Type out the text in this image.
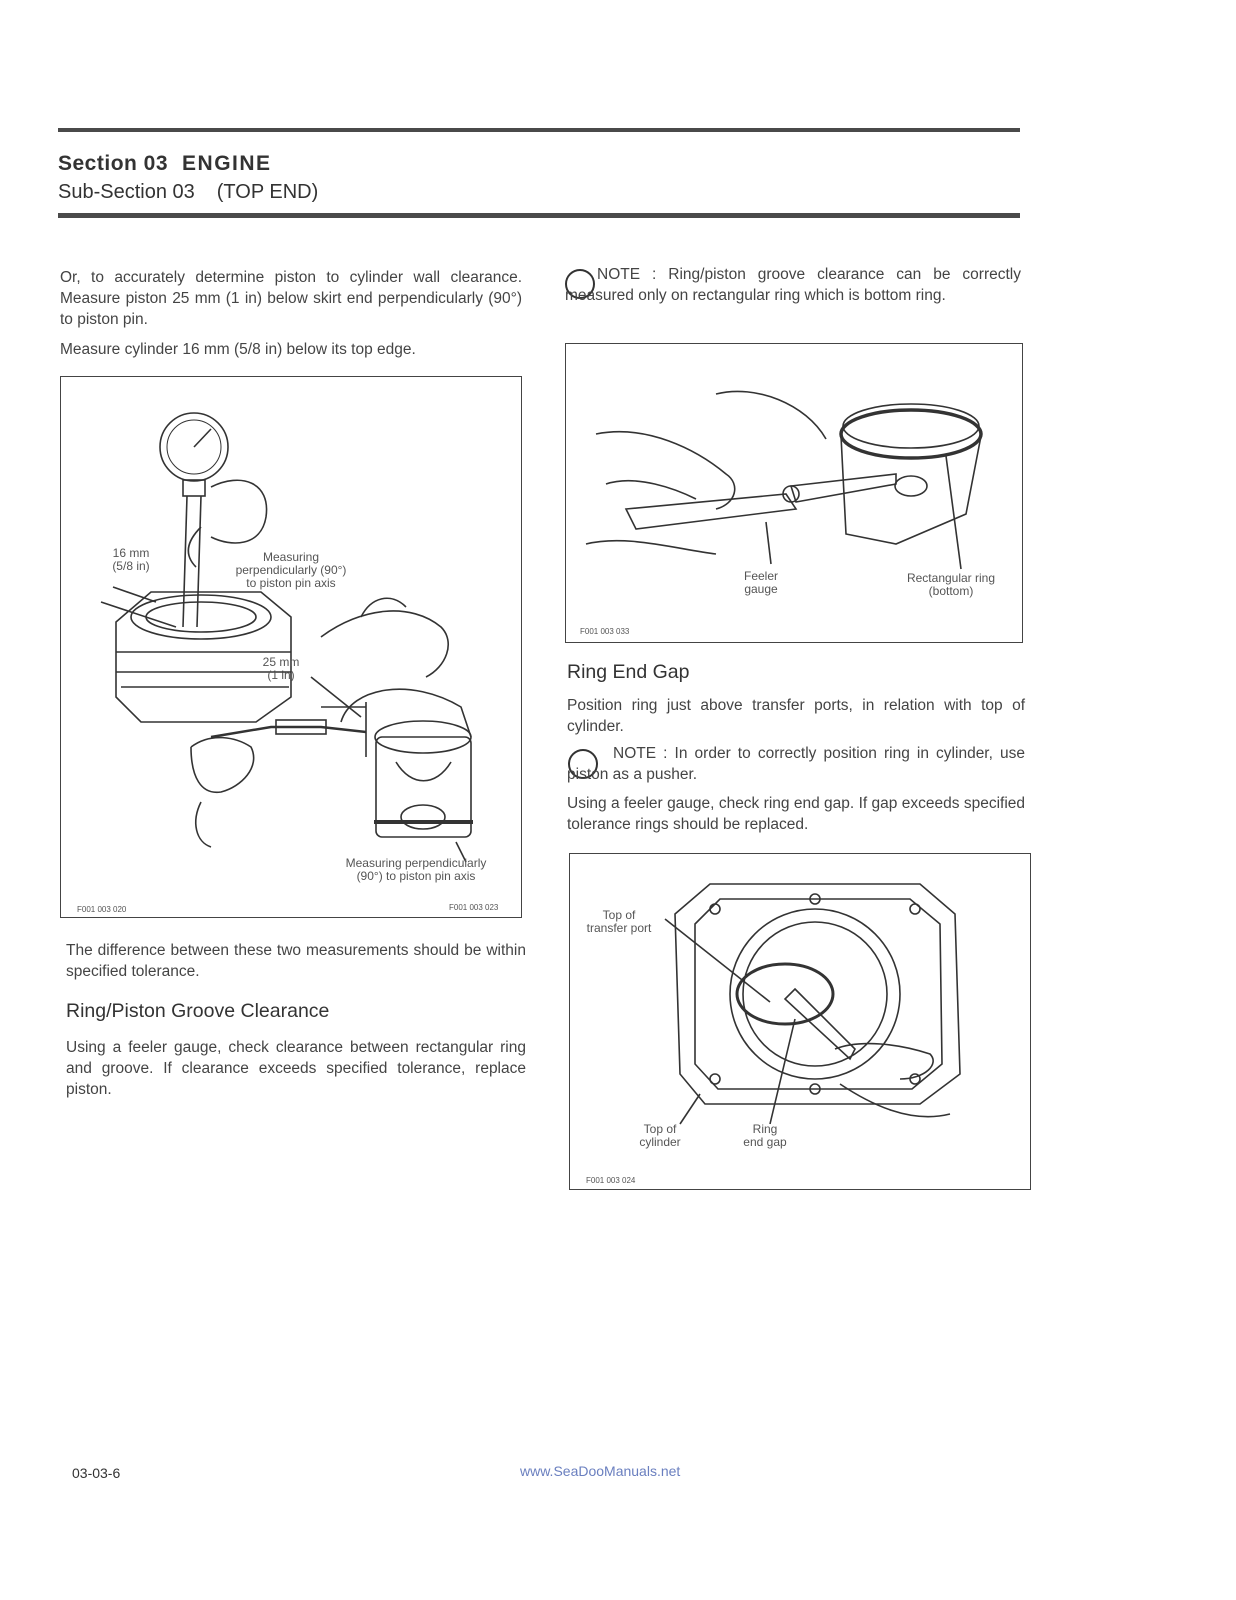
Section 03 ENGINE
Sub-Section 03 (TOP END)
Or, to accurately determine piston to cylinder wall clearance. Measure piston 25 mm (1 in) below skirt end perpendicularly (90°) to piston pin.
Measure cylinder 16 mm (5/8 in) below its top edge.
16 mm
(5/8 in)
Measuring
perpendicularly (90°)
to piston pin axis
25 mm
(1 in)
Measuring perpendicularly
(90°) to piston pin axis
F001 003 020	F001 003 023
The difference between these two measurements should be within specified tolerance.
Ring/Piston Groove Clearance
Using a feeler gauge, check clearance between rectangular ring and groove. If clearance exceeds specified tolerance, replace piston.
NOTE : Ring/piston groove clearance can be correctly measured only on rectangular ring which is bottom ring.
Feeler
gauge
Rectangular ring
(bottom)
F001 003 033
Ring End Gap
Position ring just above transfer ports, in relation with top of cylinder.
NOTE : In order to correctly position ring in cylinder, use piston as a pusher.
Using a feeler gauge, check ring end gap. If gap exceeds specified tolerance rings should be replaced.
Top of
transfer port
Top of
cylinder
Ring
end gap
F001 003 024
03-03-6	www.SeaDooManuals.net
